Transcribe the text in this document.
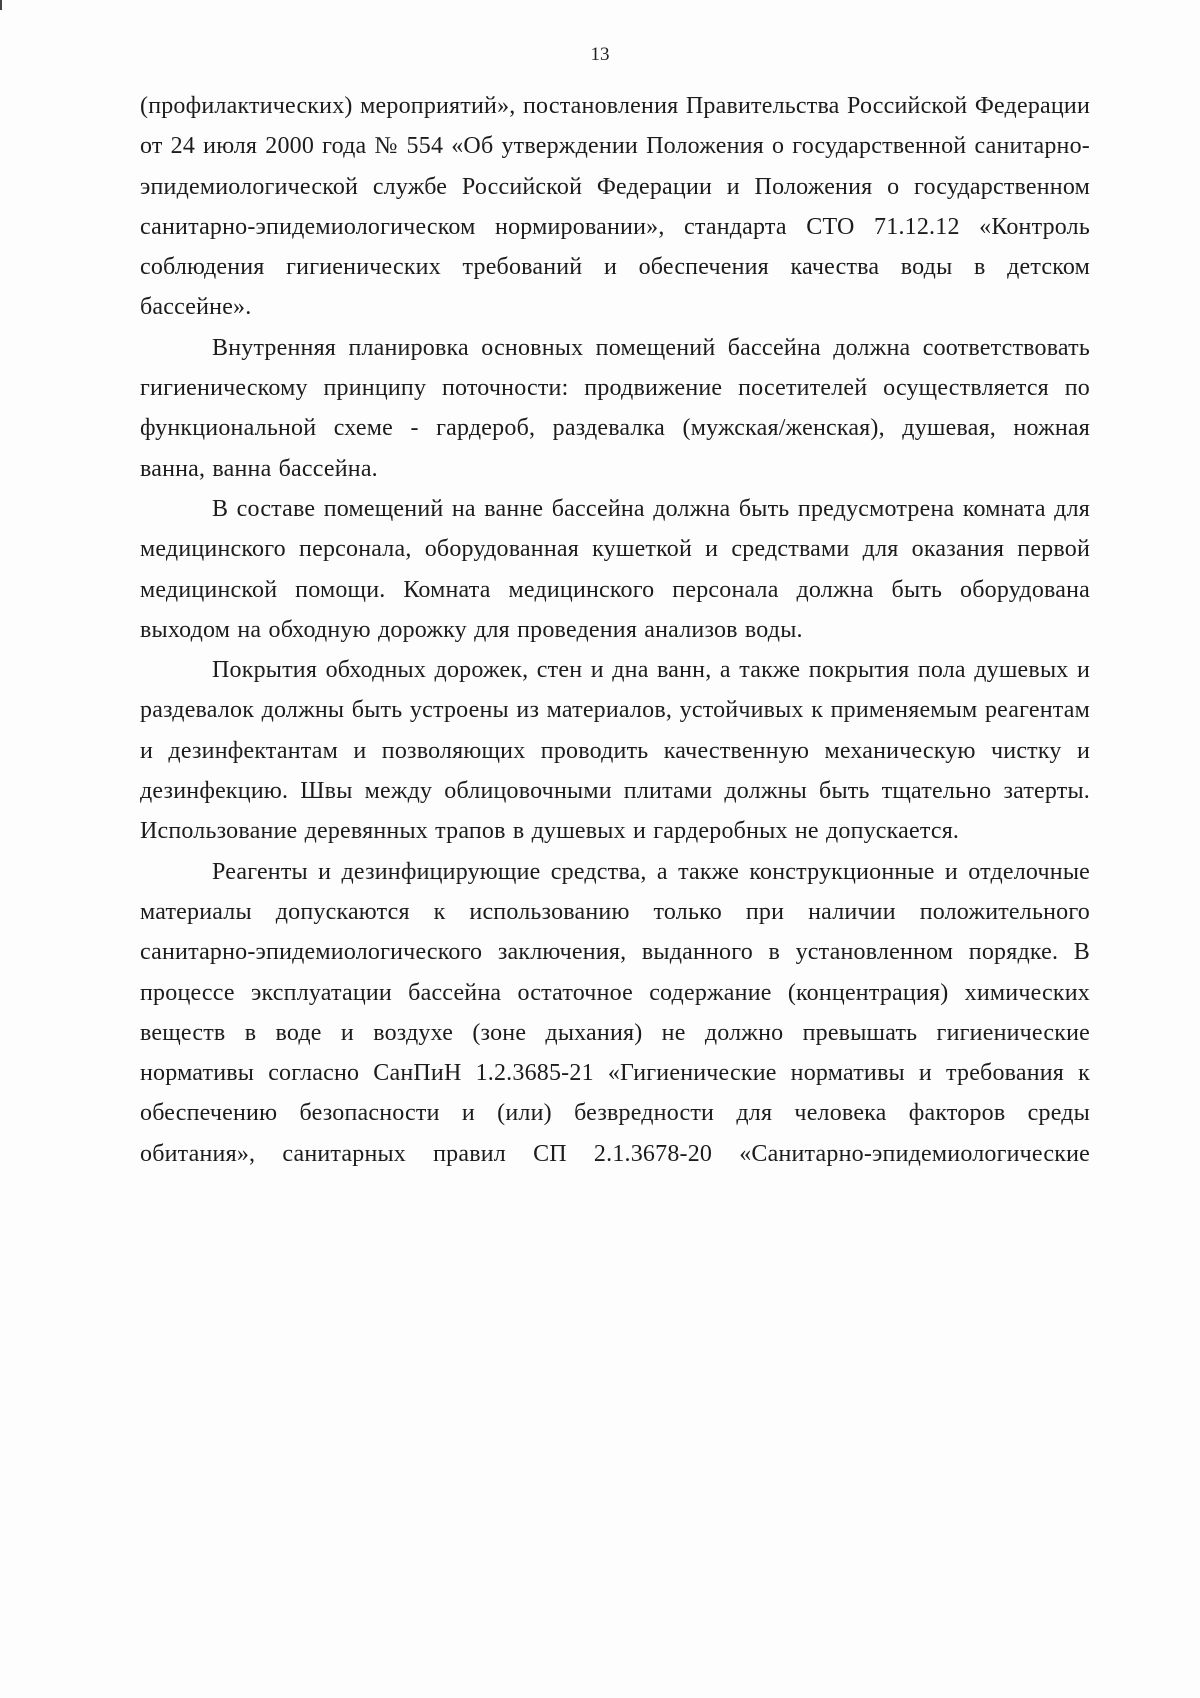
13

(профилактических) мероприятий», постановления Правительства Российской Федерации от 24 июля 2000 года № 554 «Об утверждении Положения о государственной санитарно-эпидемиологической службе Российской Федерации и Положения о государственном санитарно-эпидемиологическом нормировании», стандарта СТО 71.12.12 «Контроль соблюдения гигиенических требований и обеспечения качества воды в детском бассейне».

Внутренняя планировка основных помещений бассейна должна соответствовать гигиеническому принципу поточности: продвижение посетителей осуществляется по функциональной схеме - гардероб, раздевалка (мужская/женская), душевая, ножная ванна, ванна бассейна.

В составе помещений на ванне бассейна должна быть предусмотрена комната для медицинского персонала, оборудованная кушеткой и средствами для оказания первой медицинской помощи. Комната медицинского персонала должна быть оборудована выходом на обходную дорожку для проведения анализов воды.

Покрытия обходных дорожек, стен и дна ванн, а также покрытия пола душевых и раздевалок должны быть устроены из материалов, устойчивых к применяемым реагентам и дезинфектантам и позволяющих проводить качественную механическую чистку и дезинфекцию. Швы между облицовочными плитами должны быть тщательно затерты. Использование деревянных трапов в душевых и гардеробных не допускается.

Реагенты и дезинфицирующие средства, а также конструкционные и отделочные материалы допускаются к использованию только при наличии положительного санитарно-эпидемиологического заключения, выданного в установленном порядке. В процессе эксплуатации бассейна остаточное содержание (концентрация) химических веществ в воде и воздухе (зоне дыхания) не должно превышать гигиенические нормативы согласно СанПиН 1.2.3685-21 «Гигиенические нормативы и требования к обеспечению безопасности и (или) безвредности для человека факторов среды обитания», санитарных правил СП 2.1.3678-20 «Санитарно-эпидемиологические
